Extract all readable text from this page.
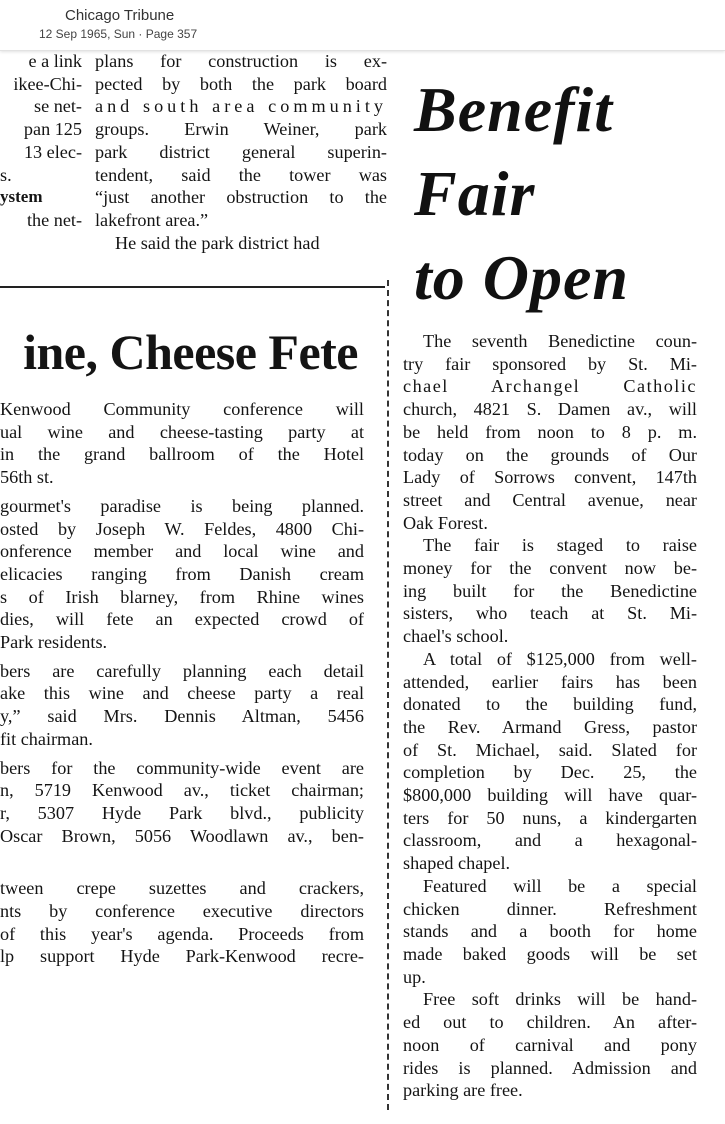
Chicago Tribune
12 Sep 1965, Sun · Page 357
e a link
ikee-Chi-
se net-
pan 125
13 elec-
s.
ystem
the net-

plans for construction is ex-

pected by both the park board

and south area community

groups. Erwin Weiner, park

park district general superin-

tendent, said the tower was

“just another obstruction to the

lakefront area.”

He said the park district had

Benefit
Fair
to Open
ine, Cheese Fete

Kenwood Community conference will

ual wine and cheese-tasting party at

in the grand ballroom of the Hotel

56th st.

gourmet's paradise is being planned.

osted by Joseph W. Feldes, 4800 Chi-

onference member and local wine and

elicacies ranging from Danish cream

s of Irish blarney, from Rhine wines

dies, will fete an expected crowd of

Park residents.

bers are carefully planning each detail

ake this wine and cheese party a real

y,” said Mrs. Dennis Altman, 5456

fit chairman.

bers for the community-wide event are

n, 5719 Kenwood av., ticket chairman;

r, 5307 Hyde Park blvd., publicity

Oscar Brown, 5056 Woodlawn av., ben-

tween crepe suzettes and crackers,

nts by conference executive directors

of this year's agenda. Proceeds from

lp support Hyde Park-Kenwood recre-

The seventh Benedictine coun-

try fair sponsored by St. Mi-

chael Archangel Catholic

church, 4821 S. Damen av., will

be held from noon to 8 p. m.

today on the grounds of Our

Lady of Sorrows convent, 147th

street and Central avenue, near

Oak Forest.

The fair is staged to raise

money for the convent now be-

ing built for the Benedictine

sisters, who teach at St. Mi-

chael's school.

A total of $125,000 from well-

attended, earlier fairs has been

donated to the building fund,

the Rev. Armand Gress, pastor

of St. Michael, said. Slated for

completion by Dec. 25, the

$800,000 building will have quar-

ters for 50 nuns, a kindergarten

classroom, and a hexagonal-

shaped chapel.

Featured will be a special

chicken dinner. Refreshment

stands and a booth for home

made baked goods will be set

up.

Free soft drinks will be hand-

ed out to children. An after-

noon of carnival and pony

rides is planned. Admission and

parking are free.
